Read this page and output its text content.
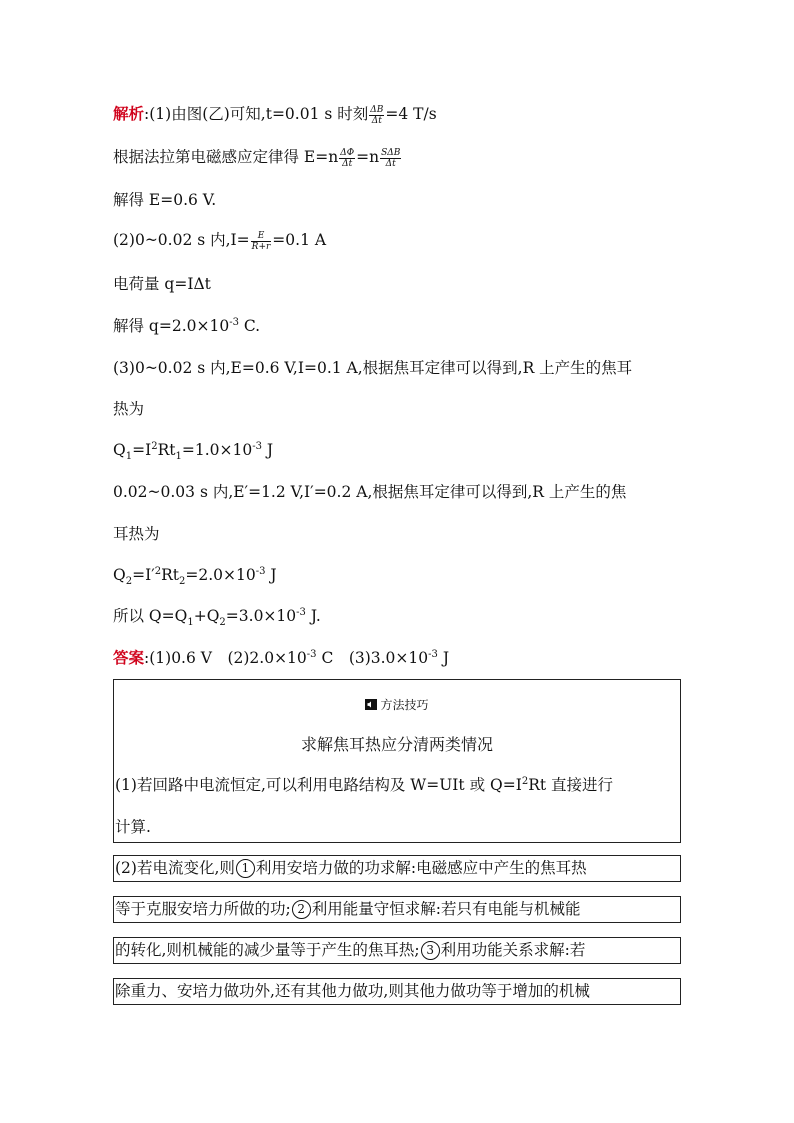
解析:(1)由图(乙)可知,t=0.01 s 时刻 $\frac{\Delta B}{\Delta t} =4$ T/s
根据法拉第电磁感应定律得 $E=n \frac{\Delta\Phi}{\Delta t} =n \frac{\text{SΔB}}{\Delta t}$
解得 E=0.6 V.
(2)0~0.02 s 内$,I= \frac{E}{R+r} =0.1$ A
电荷量 q=IΔt
解得 $q=2.0\times 10^{-3}$ C.
(3)0~0.02 s 内,E=0.6 V,I=0.1 A,根据焦耳定律可以得到,R 上产生的焦耳
热为
$Q_1=I^2Rt_1=1.0\times 10^{-3}$ J
0.02~0.03 s 内,E′=1.2 V,I′=0.2 A,根据焦耳定律可以得到,R 上产生的焦
耳热为
$Q_2=I'^2Rt_2=2.0\times 10^{-3}$ J
所以 $Q=Q_1+Q_2=3.0\times 10^{-3}$ J.
答案:(1)0.6 V　$(2)2.0\times 10^{-3}$ C　$(3)3.0\times 10^{-3}$ J
方法技巧
求解焦耳热应分清两类情况
(1)若回路中电流恒定,可以利用电路结构及 W=UIt 或 $Q=I^2Rt$ 直接进行
计算.
(2)若电流变化,则 1 利用安培力做的功求解:电磁感应中产生的焦耳热
等于克服安培力所做的功; 2 利用能量守恒求解:若只有电能与机械能
的转化,则机械能的减少量等于产生的焦耳热; 3 利用功能关系求解:若
除重力、安培力做功外,还有其他力做功,则其他力做功等于增加的机械
